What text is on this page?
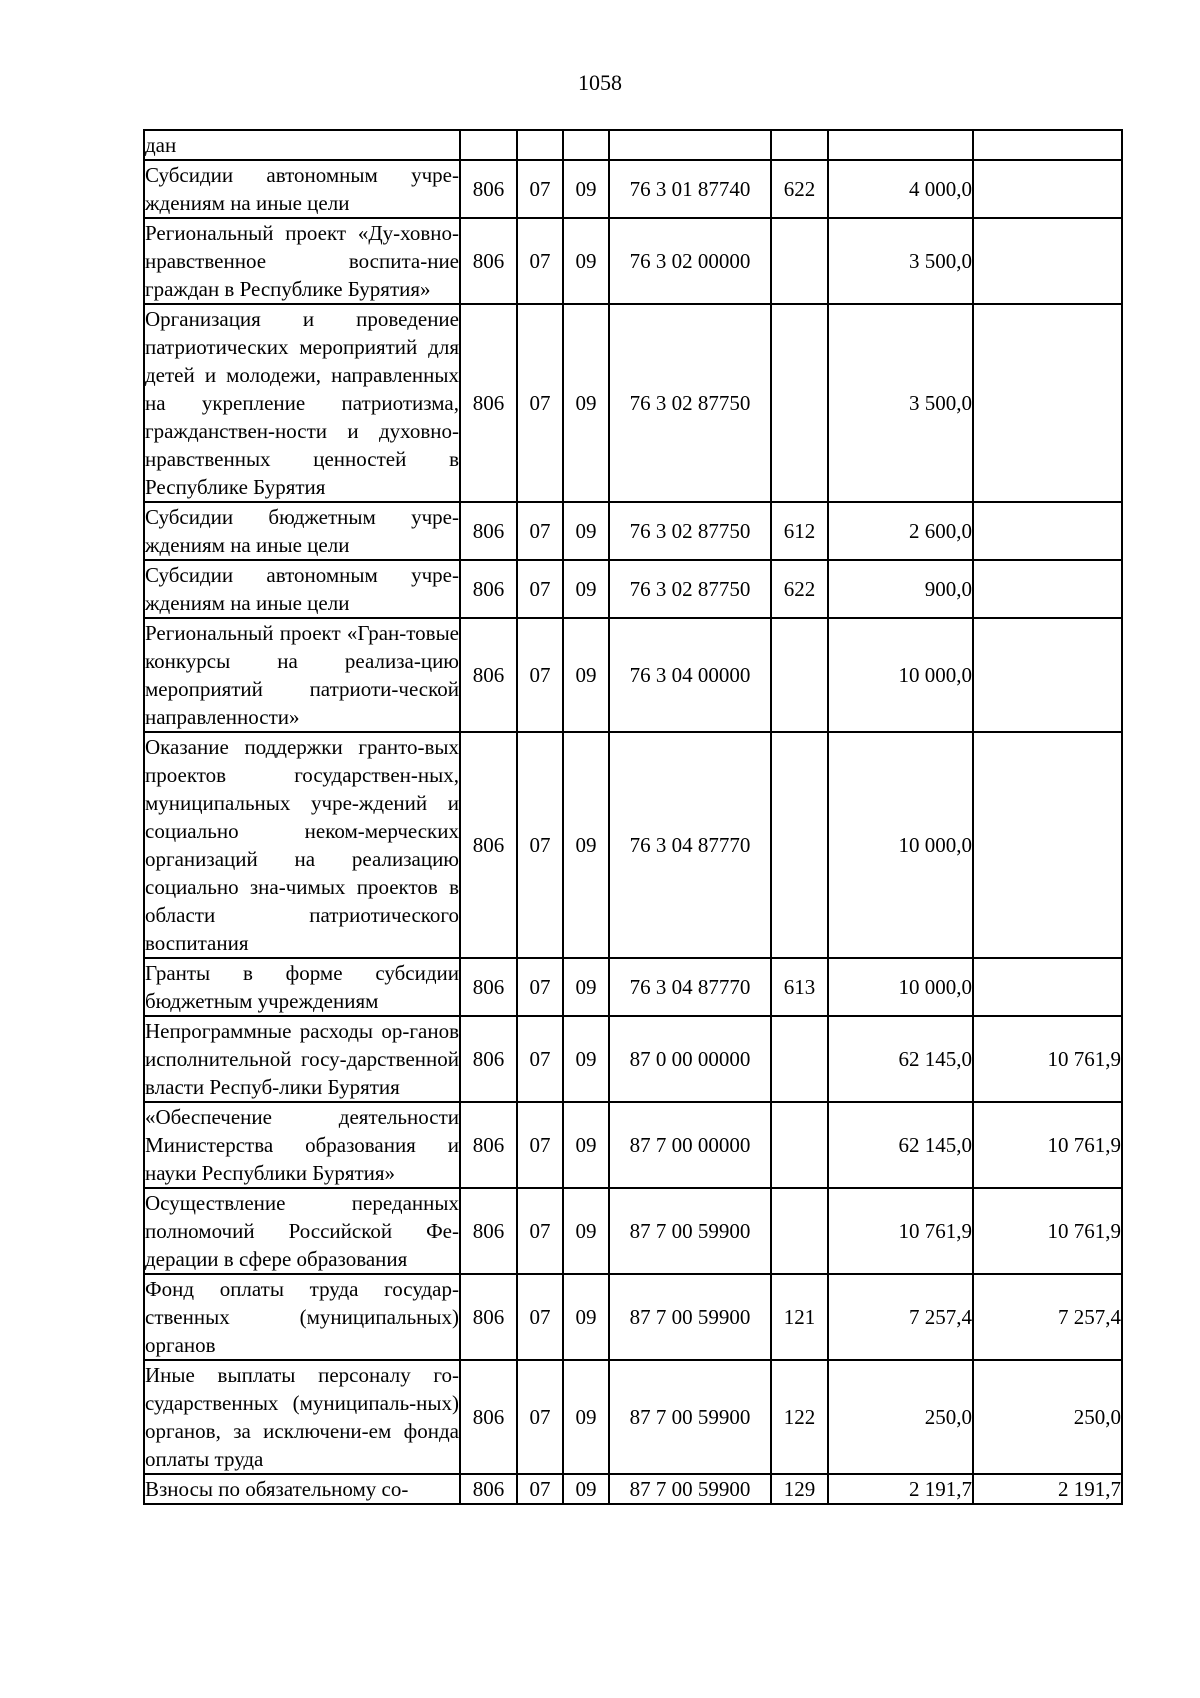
1058
дан							
Субсидии автономным учре-ждениям на иные цели	806	07	09	76 3 01 87740	622	4 000,0	
Региональный проект «Ду-ховно-нравственное воспита-ние граждан в Республике Бурятия»	806	07	09	76 3 02 00000		3 500,0	
Организация и проведение патриотических мероприятий для детей и молодежи, направленных на укрепление патриотизма, гражданствен-ности и духовно-нравственных ценностей в Республике Бурятия	806	07	09	76 3 02 87750		3 500,0	
Субсидии бюджетным учре-ждениям на иные цели	806	07	09	76 3 02 87750	612	2 600,0	
Субсидии автономным учре-ждениям на иные цели	806	07	09	76 3 02 87750	622	900,0	
Региональный проект «Гран-товые конкурсы на реализа-цию мероприятий патриоти-ческой направленности»	806	07	09	76 3 04 00000		10 000,0	
Оказание поддержки гранто-вых проектов государствен-ных, муниципальных учре-ждений и социально неком-мерческих организаций на реализацию социально зна-чимых проектов в области патриотического воспитания	806	07	09	76 3 04 87770		10 000,0	
Гранты в форме субсидии бюджетным учреждениям	806	07	09	76 3 04 87770	613	10 000,0	
Непрограммные расходы ор-ганов исполнительной госу-дарственной власти Респуб-лики Бурятия	806	07	09	87 0 00 00000		62 145,0	10 761,9
«Обеспечение деятельности Министерства образования и науки Республики Бурятия»	806	07	09	87 7 00 00000		62 145,0	10 761,9
Осуществление переданных полномочий Российской Фе-дерации в сфере образования	806	07	09	87 7 00 59900		10 761,9	10 761,9
Фонд оплаты труда государ-ственных (муниципальных) органов	806	07	09	87 7 00 59900	121	7 257,4	7 257,4
Иные выплаты персоналу го-сударственных (муниципаль-ных) органов, за исключени-ем фонда оплаты труда	806	07	09	87 7 00 59900	122	250,0	250,0
Взносы по обязательному со-	806	07	09	87 7 00 59900	129	2 191,7	2 191,7
